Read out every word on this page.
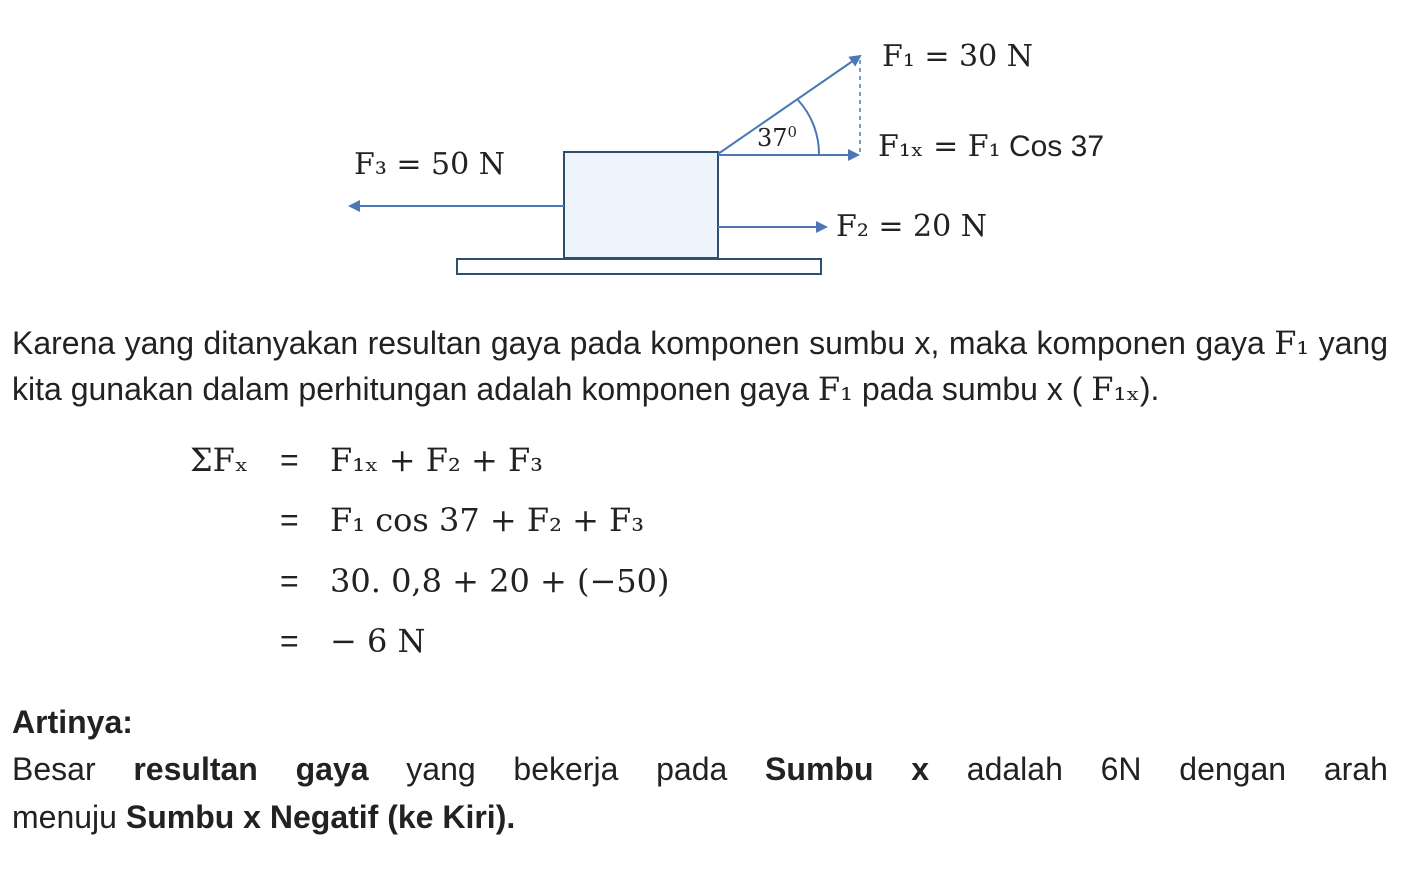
$37^0$
F₁ = 30 N
F₁ₓ = F₁ Cos 37
F₂ = 20 N
F₃ = 50 N
Karena yang ditanyakan resultan gaya pada komponen sumbu x, maka komponen gaya F₁ yang kita gunakan dalam perhitungan adalah komponen gaya F₁ pada sumbu x ( F₁ₓ).
ΣFₓ = F₁ₓ + F₂ + F₃
= F₁ cos 37 + F₂ + F₃
= 30. 0,8 + 20 + (−50)
= − 6 N
Artinya:
Besar resultan gaya yang bekerja pada Sumbu x adalah 6N dengan arah
menuju Sumbu x Negatif (ke Kiri).
